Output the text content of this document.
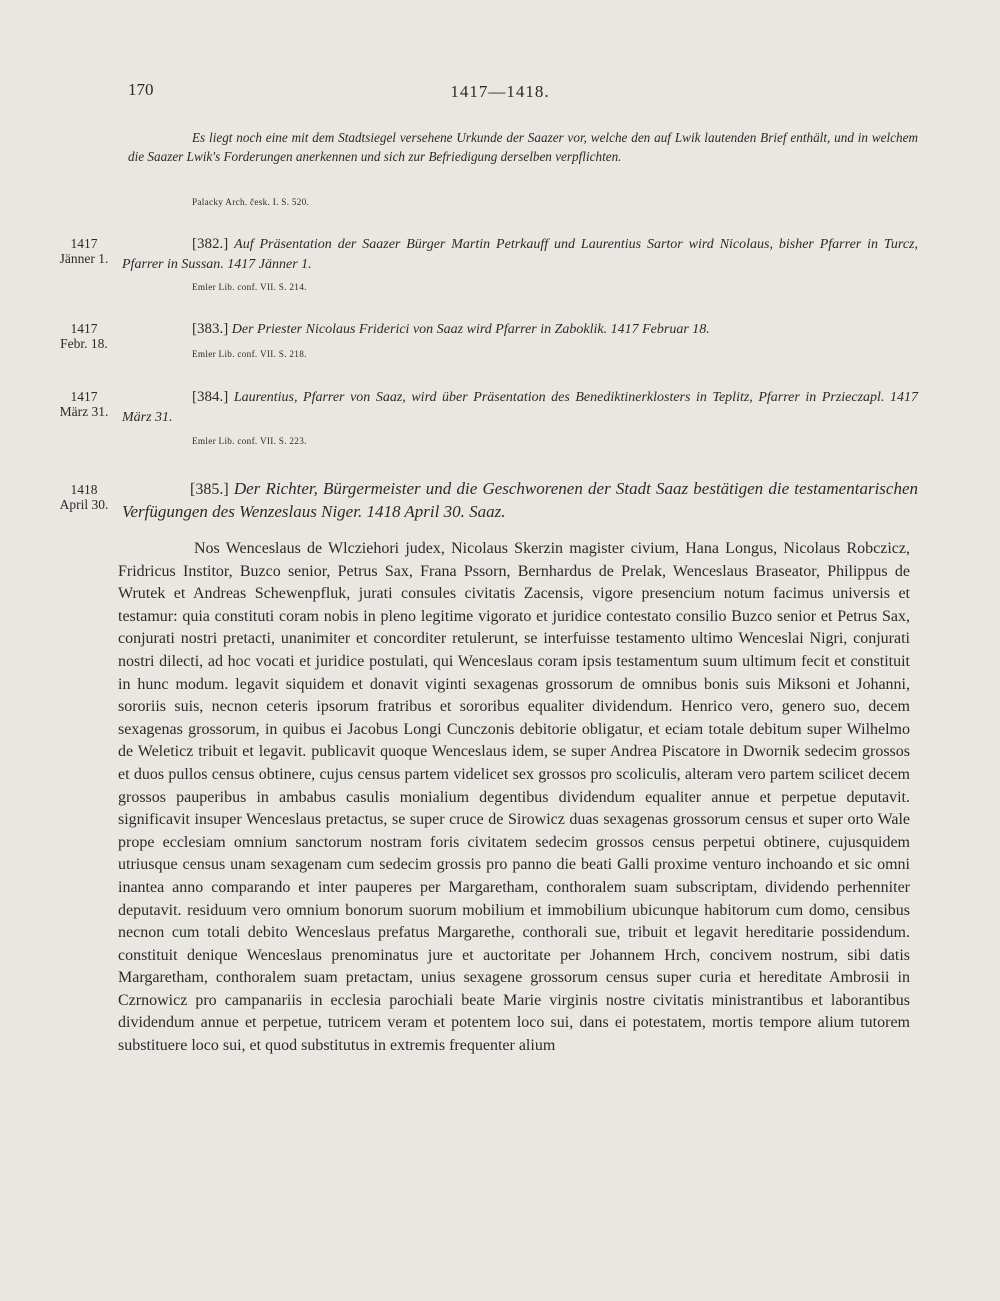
170	1417—1418.
Es liegt noch eine mit dem Stadtsiegel versehene Urkunde der Saazer vor, welche den auf Lwik lautenden Brief enthält, und in welchem die Saazer Lwik's Forderungen anerkennen und sich zur Befriedigung derselben verpflichten.
Palacky Arch. česk. I. S. 520.
1417
Jänner 1.
[382.] Auf Präsentation der Saazer Bürger Martin Petrkauff und Laurentius Sartor wird Nicolaus, bisher Pfarrer in Turcz, Pfarrer in Sussan. 1417 Jänner 1.
Emler Lib. conf. VII. S. 214.
1417
Febr. 18.
[383.] Der Priester Nicolaus Friderici von Saaz wird Pfarrer in Zaboklik. 1417 Februar 18.
Emler Lib. conf. VII. S. 218.
1417
März 31.
[384.] Laurentius, Pfarrer von Saaz, wird über Präsentation des Benediktinerklosters in Teplitz, Pfarrer in Przieczapl. 1417 März 31.
Emler Lib. conf. VII. S. 223.
1418
April 30.
[385.] Der Richter, Bürgermeister und die Geschworenen der Stadt Saaz bestätigen die testamentarischen Verfügungen des Wenzeslaus Niger. 1418 April 30. Saaz.
Nos Wenceslaus de Wlcziehori judex, Nicolaus Skerzin magister civium, Hana Longus, Nicolaus Robczicz, Fridricus Institor, Buzco senior, Petrus Sax, Frana Pssorn, Bernhardus de Prelak, Wenceslaus Braseator, Philippus de Wrutek et Andreas Schewenpfluk, jurati consules civitatis Zacensis, vigore presencium notum facimus universis et testamur: quia constituti coram nobis in pleno legitime vigorato et juridice contestato consilio Buzco senior et Petrus Sax, conjurati nostri pretacti, unanimiter et concorditer retulerunt, se interfuisse testamento ultimo Wenceslai Nigri, conjurati nostri dilecti, ad hoc vocati et juridice postulati, qui Wenceslaus coram ipsis testamentum suum ultimum fecit et constituit in hunc modum. legavit siquidem et donavit viginti sexagenas grossorum de omnibus bonis suis Miksoni et Johanni, sororiis suis, necnon ceteris ipsorum fratribus et sororibus equaliter dividendum. Henrico vero, genero suo, decem sexagenas grossorum, in quibus ei Jacobus Longi Cunczonis debitorie obligatur, et eciam totale debitum super Wilhelmo de Weleticz tribuit et legavit. publicavit quoque Wenceslaus idem, se super Andrea Piscatore in Dwornik sedecim grossos et duos pullos census obtinere, cujus census partem videlicet sex grossos pro scoliculis, alteram vero partem scilicet decem grossos pauperibus in ambabus casulis monialium degentibus dividendum equaliter annue et perpetue deputavit. significavit insuper Wenceslaus pretactus, se super cruce de Sirowicz duas sexagenas grossorum census et super orto Wale prope ecclesiam omnium sanctorum nostram foris civitatem sedecim grossos census perpetui obtinere, cujusquidem utriusque census unam sexagenam cum sedecim grossis pro panno die beati Galli proxime venturo inchoando et sic omni inantea anno comparando et inter pauperes per Margaretham, conthoralem suam subscriptam, dividendo perhenniter deputavit. residuum vero omnium bonorum suorum mobilium et immobilium ubicunque habitorum cum domo, censibus necnon cum totali debito Wenceslaus prefatus Margarethe, conthorali sue, tribuit et legavit hereditarie possidendum. constituit denique Wenceslaus prenominatus jure et auctoritate per Johannem Hrch, concivem nostrum, sibi datis Margaretham, conthoralem suam pretactam, unius sexagene grossorum census super curia et hereditate Ambrosii in Czrnowicz pro campanariis in ecclesia parochiali beate Marie virginis nostre civitatis ministrantibus et laborantibus dividendum annue et perpetue, tutricem veram et potentem loco sui, dans ei potestatem, mortis tempore alium tutorem substituere loco sui, et quod substitutus in extremis frequenter alium
